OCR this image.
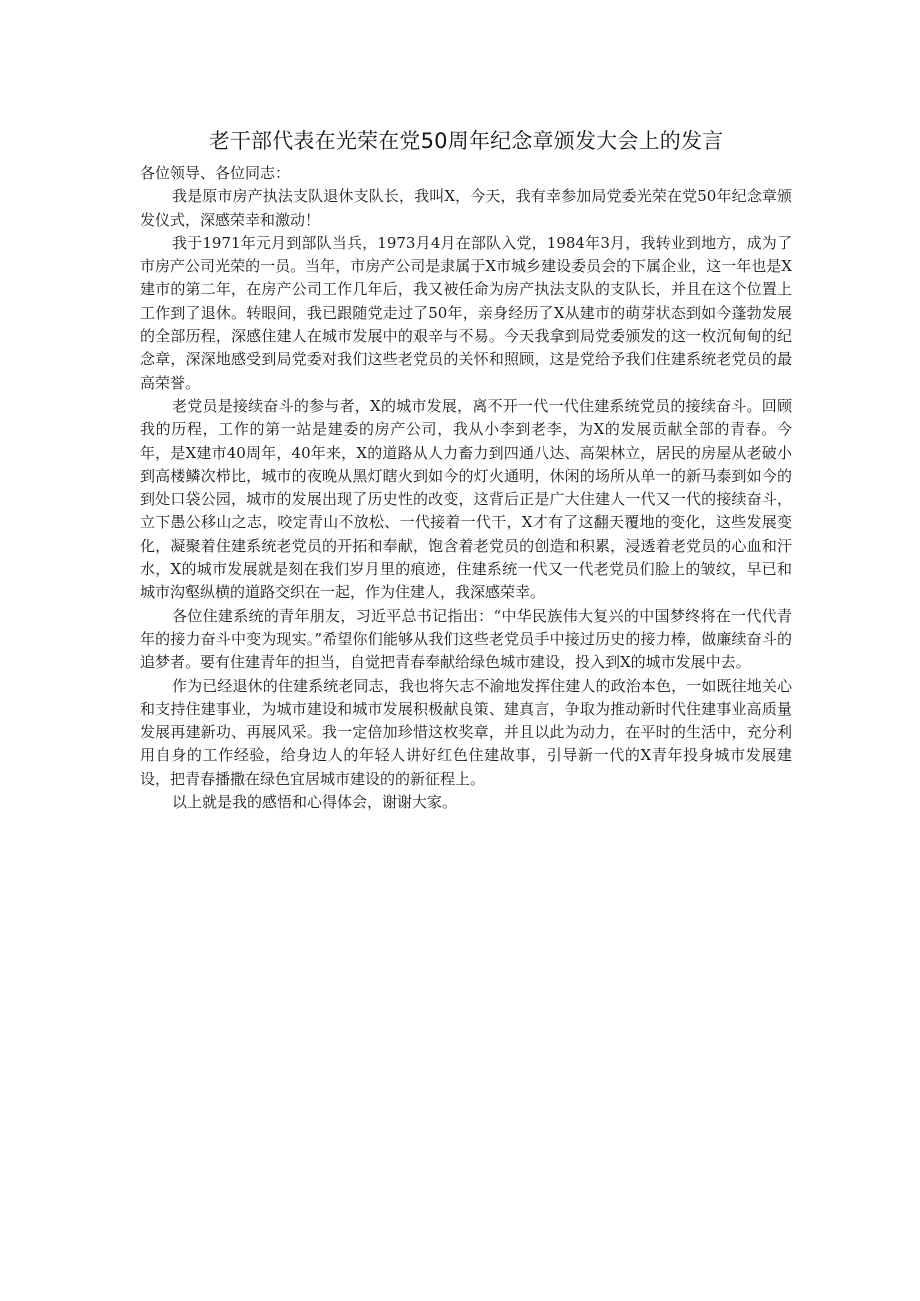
老干部代表在光荣在党50周年纪念章颁发大会上的发言

各位领导、各位同志：

我是原市房产执法支队退休支队长，我叫X，今天，我有幸参加局党委光荣在党50年纪念章颁发仪式，深感荣幸和激动！

我于1971年元月到部队当兵，1973月4月在部队入党，1984年3月，我转业到地方，成为了市房产公司光荣的一员。当年，市房产公司是隶属于X市城乡建设委员会的下属企业，这一年也是X建市的第二年，在房产公司工作几年后，我又被任命为房产执法支队的支队长，并且在这个位置上工作到了退休。转眼间，我已跟随党走过了50年，亲身经历了X从建市的萌芽状态到如今蓬勃发展的全部历程，深感住建人在城市发展中的艰辛与不易。今天我拿到局党委颁发的这一枚沉甸甸的纪念章，深深地感受到局党委对我们这些老党员的关怀和照顾，这是党给予我们住建系统老党员的最高荣誉。

老党员是接续奋斗的参与者，X的城市发展，离不开一代一代住建系统党员的接续奋斗。回顾我的历程，工作的第一站是建委的房产公司，我从小李到老李，为X的发展贡献全部的青春。今年，是X建市40周年，40年来，X的道路从人力畜力到四通八达、高架林立，居民的房屋从老破小到高楼鳞次栉比，城市的夜晚从黑灯瞎火到如今的灯火通明，休闲的场所从单一的新马泰到如今的到处口袋公园，城市的发展出现了历史性的改变，这背后正是广大住建人一代又一代的接续奋斗，立下愚公移山之志，咬定青山不放松、一代接着一代干，X才有了这翻天覆地的变化，这些发展变化，凝聚着住建系统老党员的开拓和奉献，饱含着老党员的创造和积累，浸透着老党员的心血和汗水，X的城市发展就是刻在我们岁月里的痕迹，住建系统一代又一代老党员们脸上的皱纹，早已和城市沟壑纵横的道路交织在一起，作为住建人，我深感荣幸。

各位住建系统的青年朋友，习近平总书记指出：“中华民族伟大复兴的中国梦终将在一代代青年的接力奋斗中变为现实。”希望你们能够从我们这些老党员手中接过历史的接力棒，做廉续奋斗的追梦者。要有住建青年的担当，自觉把青春奉献给绿色城市建设，投入到X的城市发展中去。

作为已经退休的住建系统老同志，我也将矢志不渝地发挥住建人的政治本色，一如既往地关心和支持住建事业，为城市建设和城市发展积极献良策、建真言，争取为推动新时代住建事业高质量发展再建新功、再展风采。我一定倍加珍惜这枚奖章，并且以此为动力，在平时的生活中，充分利用自身的工作经验，给身边人的年轻人讲好红色住建故事，引导新一代的X青年投身城市发展建设，把青春播撒在绿色宜居城市建设的的新征程上。

以上就是我的感悟和心得体会，谢谢大家。
